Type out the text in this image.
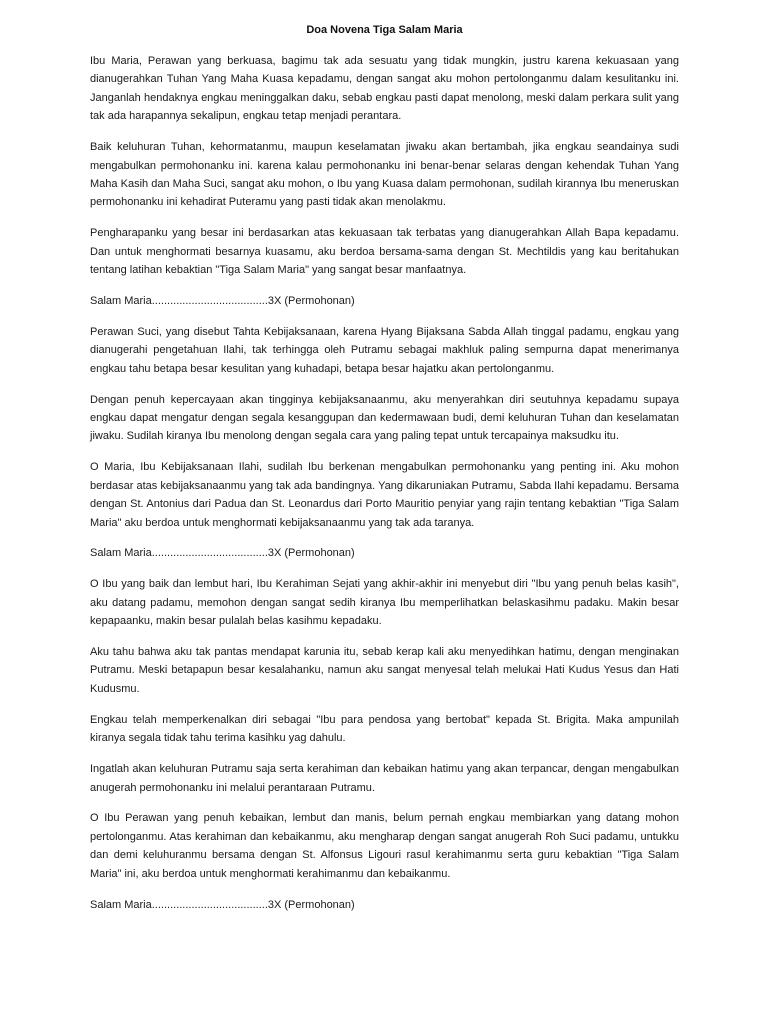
Doa Novena Tiga Salam Maria

Ibu Maria, Perawan yang berkuasa, bagimu tak ada sesuatu yang tidak mungkin, justru karena kekuasaan yang dianugerahkan Tuhan Yang Maha Kuasa kepadamu, dengan sangat aku mohon pertolonganmu dalam kesulitanku ini. Janganlah hendaknya engkau meninggalkan daku, sebab engkau pasti dapat menolong, meski dalam perkara sulit yang tak ada harapannya sekalipun, engkau tetap menjadi perantara.

Baik keluhuran Tuhan, kehormatanmu, maupun keselamatan jiwaku akan bertambah, jika engkau seandainya sudi mengabulkan permohonanku ini. karena kalau permohonanku ini benar-benar selaras dengan kehendak Tuhan Yang Maha Kasih dan Maha Suci, sangat aku mohon, o Ibu yang Kuasa dalam permohonan, sudilah kirannya Ibu meneruskan permohonanku ini kehadirat Puteramu yang pasti tidak akan menolakmu.

Pengharapanku yang besar ini berdasarkan atas kekuasaan tak terbatas yang dianugerahkan Allah Bapa kepadamu. Dan untuk menghormati besarnya kuasamu, aku berdoa bersama-sama dengan St. Mechtildis yang kau beritahukan tentang latihan kebaktian "Tiga Salam Maria" yang sangat besar manfaatnya.

Salam Maria......................................3X (Permohonan)

Perawan Suci, yang disebut Tahta Kebijaksanaan, karena Hyang Bijaksana Sabda Allah tinggal padamu, engkau yang dianugerahi pengetahuan Ilahi, tak terhingga oleh Putramu sebagai makhluk paling sempurna dapat menerimanya engkau tahu betapa besar kesulitan yang kuhadapi, betapa besar hajatku akan pertolonganmu.

Dengan penuh kepercayaan akan tingginya kebijaksanaanmu, aku menyerahkan diri seutuhnya kepadamu supaya engkau dapat mengatur dengan segala kesanggupan dan kedermawaan budi, demi keluhuran Tuhan dan keselamatan jiwaku. Sudilah kiranya Ibu menolong dengan segala cara yang paling tepat untuk tercapainya maksudku itu.

O Maria, Ibu Kebijaksanaan Ilahi, sudilah Ibu berkenan mengabulkan permohonanku yang penting ini. Aku mohon berdasar atas kebijaksanaanmu yang tak ada bandingnya. Yang dikaruniakan Putramu, Sabda Ilahi kepadamu. Bersama dengan St. Antonius dari Padua dan St. Leonardus dari Porto Mauritio penyiar yang rajin tentang kebaktian "Tiga Salam Maria" aku berdoa untuk menghormati kebijaksanaanmu yang tak ada taranya.

Salam Maria......................................3X (Permohonan)

O Ibu yang baik dan lembut hari, Ibu Kerahiman Sejati yang akhir-akhir ini menyebut diri "Ibu yang penuh belas kasih", aku datang padamu, memohon dengan sangat sedih kiranya Ibu memperlihatkan belaskasihmu padaku. Makin besar kepapaanku, makin besar pulalah belas kasihmu kepadaku.

Aku tahu bahwa aku tak pantas mendapat karunia itu, sebab kerap kali aku menyedihkan hatimu, dengan menginakan Putramu. Meski betapapun besar kesalahanku, namun aku sangat menyesal telah melukai Hati Kudus Yesus dan Hati Kudusmu.

Engkau telah memperkenalkan diri sebagai "Ibu para pendosa yang bertobat" kepada St. Brigita. Maka ampunilah kiranya segala tidak tahu terima kasihku yag dahulu.

Ingatlah akan keluhuran Putramu saja serta kerahiman dan kebaikan hatimu yang akan terpancar, dengan mengabulkan anugerah permohonanku ini melalui perantaraan Putramu.

O Ibu Perawan yang penuh kebaikan, lembut dan manis, belum pernah engkau membiarkan yang datang mohon pertolonganmu. Atas kerahiman dan kebaikanmu, aku mengharap dengan sangat anugerah Roh Suci padamu, untukku dan demi keluhuranmu bersama dengan St. Alfonsus Ligouri rasul kerahimanmu serta guru kebaktian "Tiga Salam Maria" ini, aku berdoa untuk menghormati kerahimanmu dan kebaikanmu.

Salam Maria......................................3X (Permohonan)
